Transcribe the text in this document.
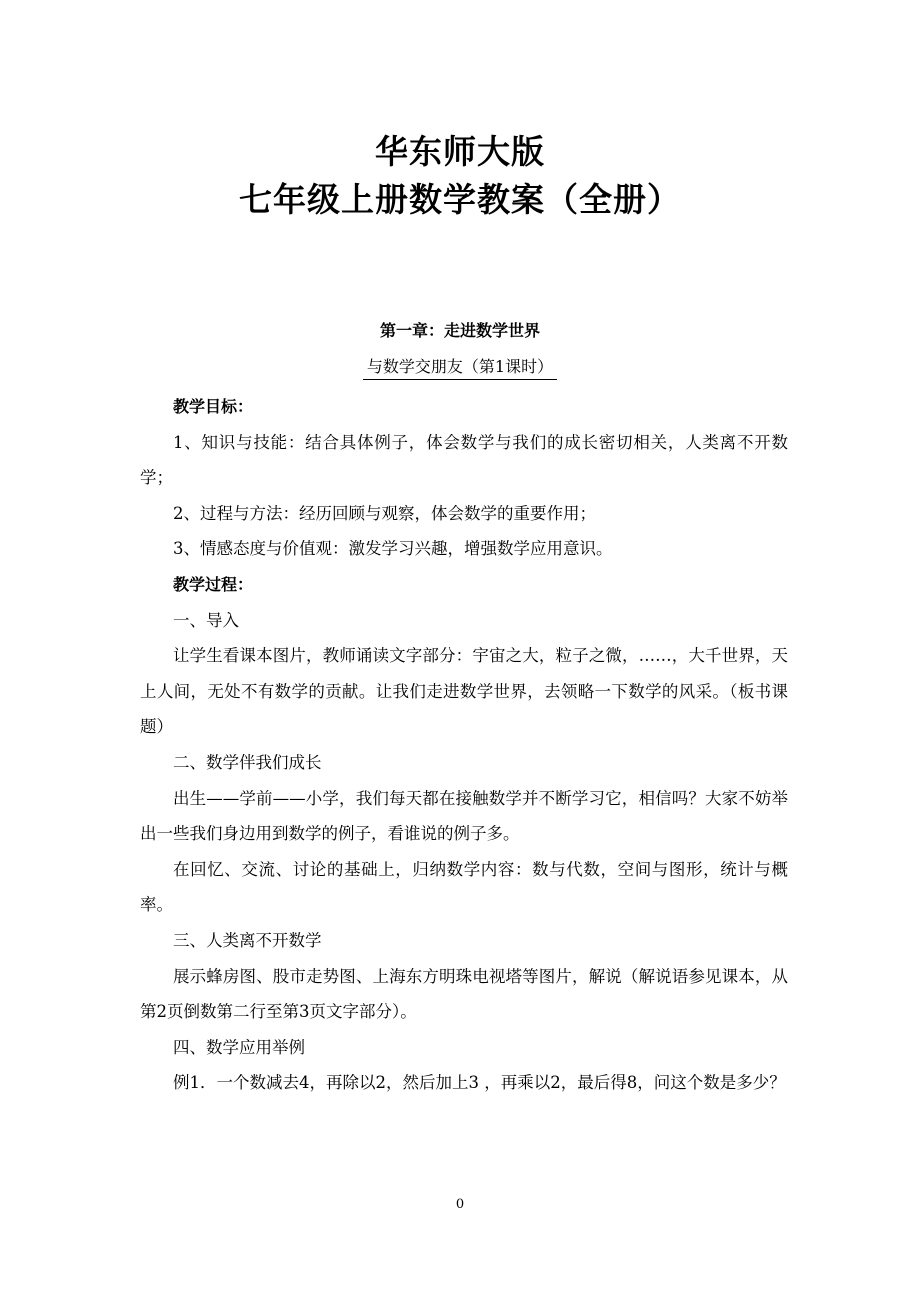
华东师大版
七年级上册数学教案（全册）
第一章：走进数学世界
与数学交朋友（第1课时）

教学目标：

1、知识与技能：结合具体例子，体会数学与我们的成长密切相关，人类离不开数学；

2、过程与方法：经历回顾与观察，体会数学的重要作用；

3、情感态度与价值观：激发学习兴趣，增强数学应用意识。

教学过程：

一、导入

让学生看课本图片，教师诵读文字部分：宇宙之大，粒子之微，……，大千世界，天上人间，无处不有数学的贡献。让我们走进数学世界，去领略一下数学的风采。（板书课题）

二、数学伴我们成长

出生——学前——小学，我们每天都在接触数学并不断学习它，相信吗？大家不妨举出一些我们身边用到数学的例子，看谁说的例子多。

在回忆、交流、讨论的基础上，归纳数学内容：数与代数，空间与图形，统计与概率。

三、人类离不开数学

展示蜂房图、股市走势图、上海东方明珠电视塔等图片，解说（解说语参见课本，从第2页倒数第二行至第3页文字部分）。

四、数学应用举例

例1．一个数减去4，再除以2，然后加上3 ，再乘以2，最后得8，问这个数是多少？

0
